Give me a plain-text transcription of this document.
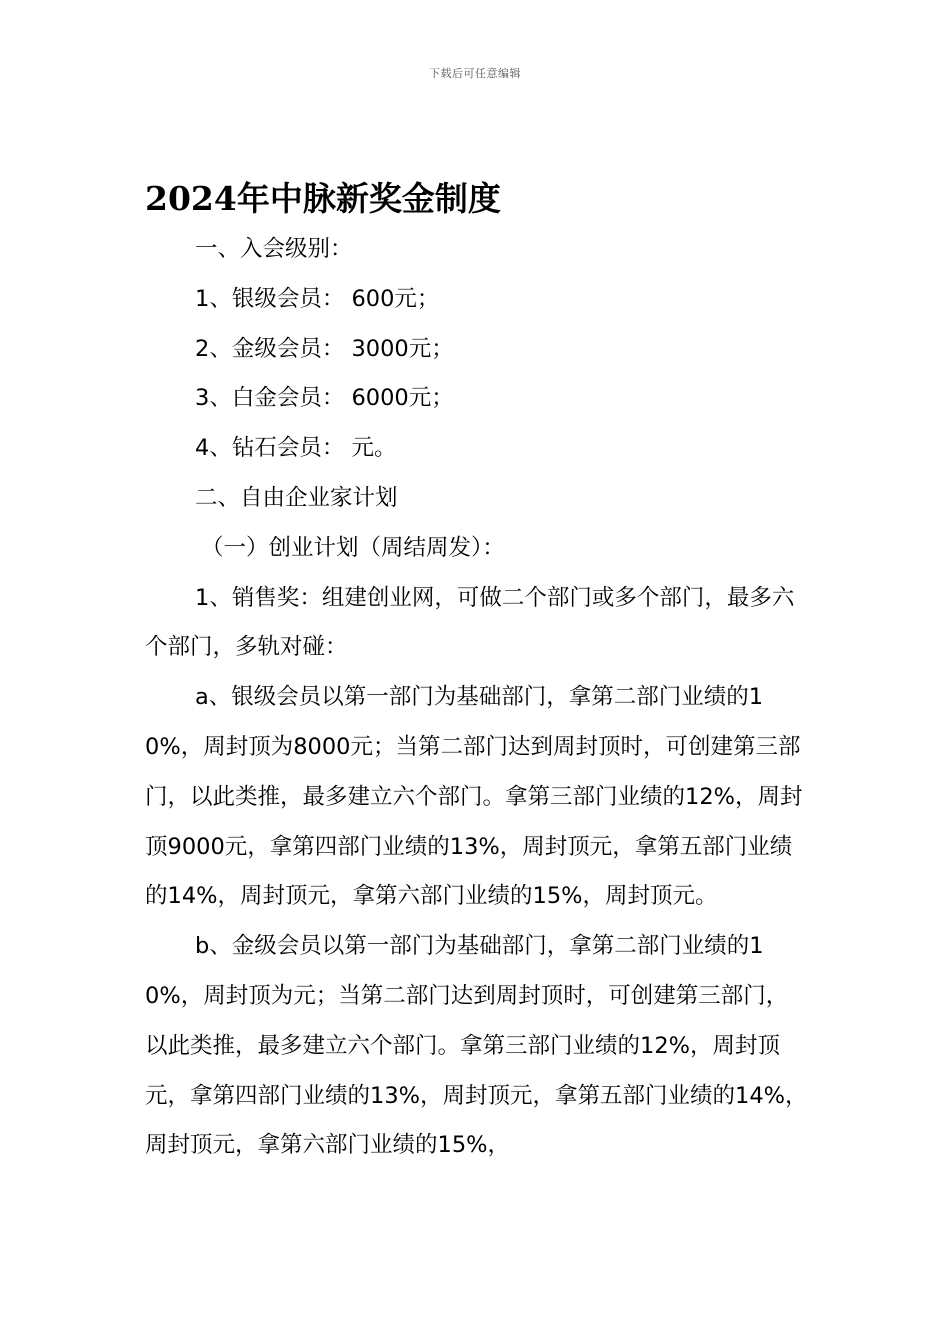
下载后可任意编辑
2024年中脉新奖金制度

一、入会级别：

1、银级会员： 600元；

2、金级会员： 3000元；

3、白金会员： 6000元；

4、钻石会员： 元。

二、自由企业家计划

（一）创业计划（周结周发）：

1、销售奖：组建创业网，可做二个部门或多个部门，最多六个部门，多轨对碰：

a、银级会员以第一部门为基础部门，拿第二部门业绩的10%，周封顶为8000元；当第二部门达到周封顶时，可创建第三部门，以此类推，最多建立六个部门。拿第三部门业绩的12%，周封顶9000元，拿第四部门业绩的13%，周封顶元，拿第五部门业绩的14%，周封顶元，拿第六部门业绩的15%，周封顶元。

b、金级会员以第一部门为基础部门，拿第二部门业绩的10%，周封顶为元；当第二部门达到周封顶时，可创建第三部门，以此类推，最多建立六个部门。拿第三部门业绩的12%，周封顶元，拿第四部门业绩的13%，周封顶元，拿第五部门业绩的14%，周封顶元，拿第六部门业绩的15%，
